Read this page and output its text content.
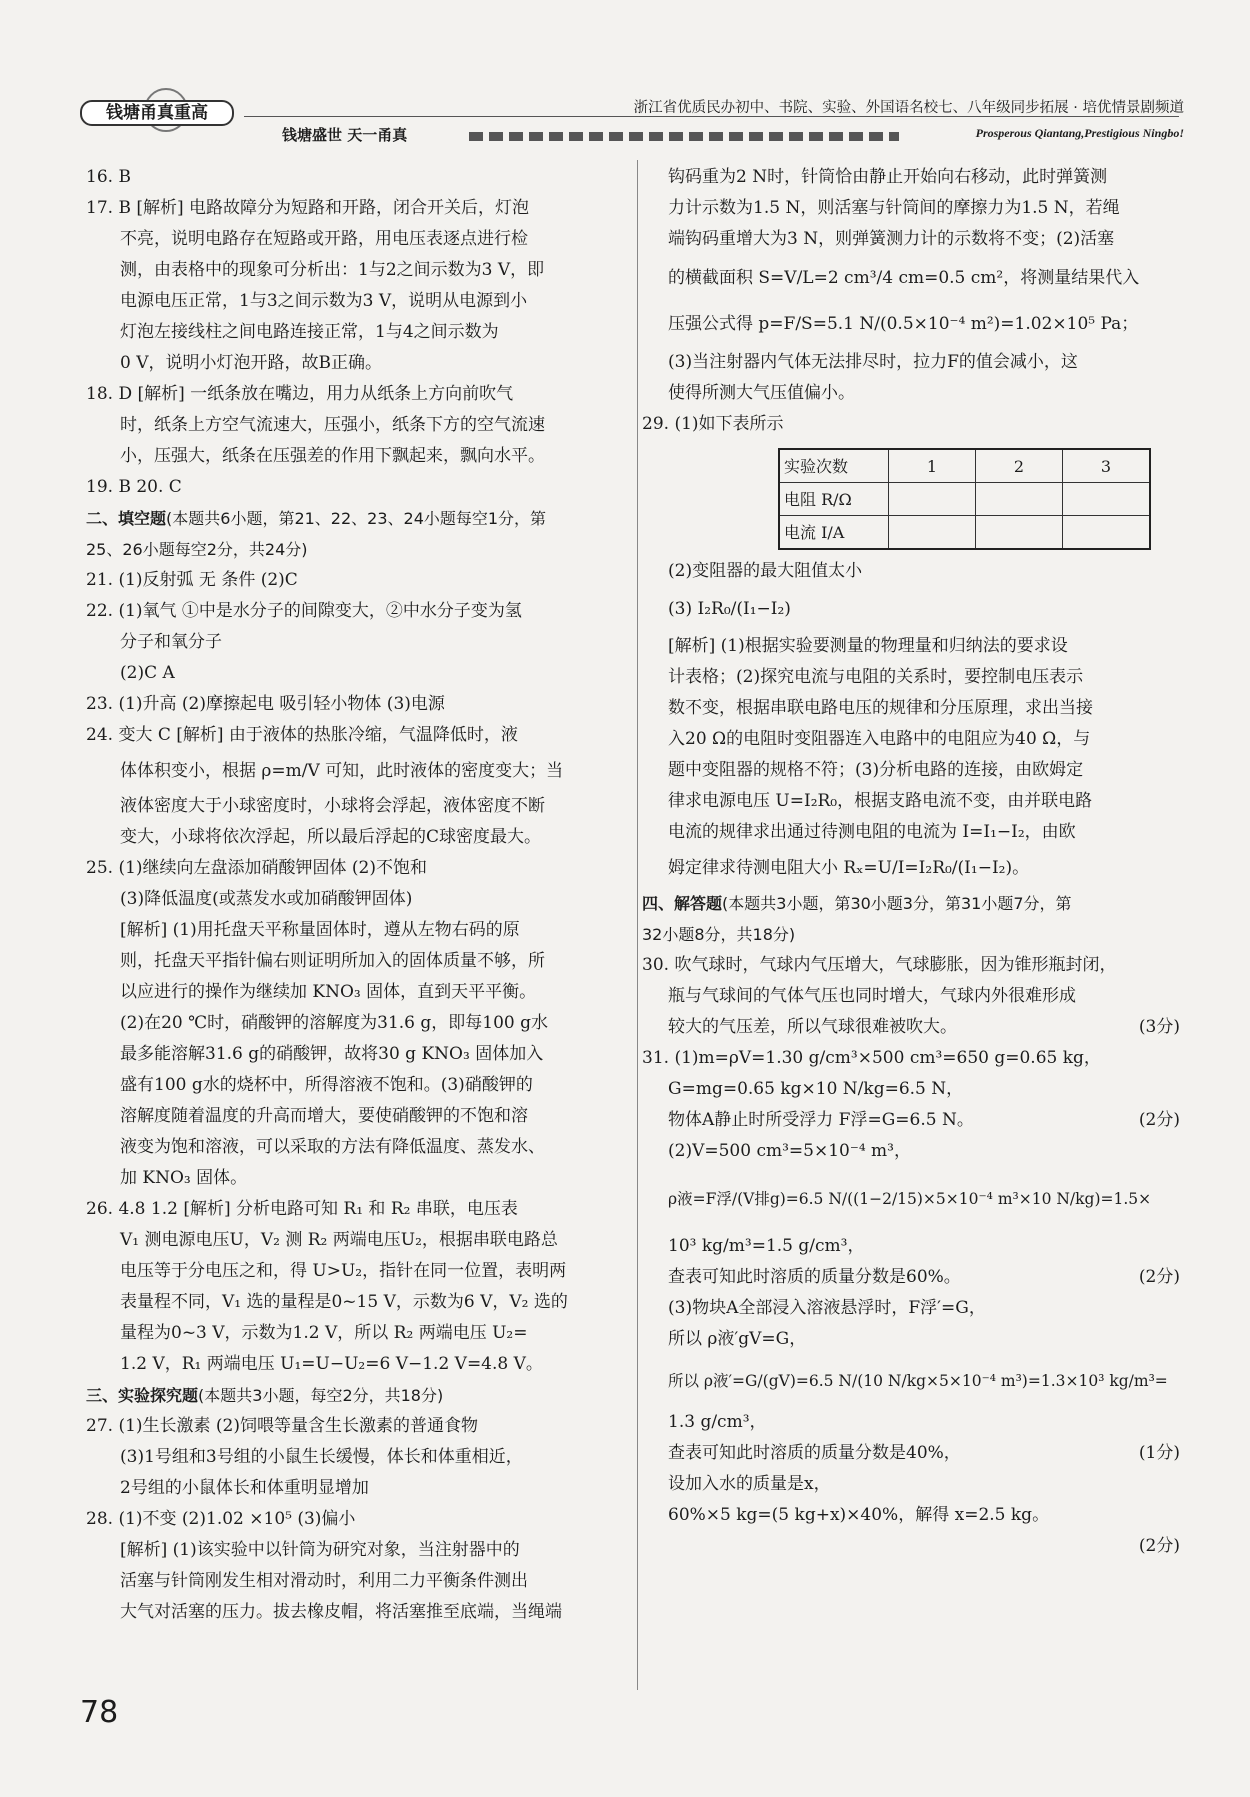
钱塘甬真重高
钱塘盛世 天一甬真
浙江省优质民办初中、书院、实验、外国语名校七、八年级同步拓展 · 培优情景剧频道
Prosperous Qiantang,Prestigious Ningbo!

16. B

17. B [解析] 电路故障分为短路和开路，闭合开关后，灯泡

不亮，说明电路存在短路或开路，用电压表逐点进行检

测，由表格中的现象可分析出：1与2之间示数为3 V，即

电源电压正常，1与3之间示数为3 V，说明从电源到小

灯泡左接线柱之间电路连接正常，1与4之间示数为

0 V，说明小灯泡开路，故B正确。

18. D [解析] 一纸条放在嘴边，用力从纸条上方向前吹气

时，纸条上方空气流速大，压强小，纸条下方的空气流速

小，压强大，纸条在压强差的作用下飘起来，飘向水平。

19. B 20. C

二、填空题(本题共6小题，第21、22、23、24小题每空1分，第

25、26小题每空2分，共24分)

21. (1)反射弧 无 条件 (2)C

22. (1)氧气 ①中是水分子的间隙变大，②中水分子变为氢

分子和氧分子

(2)C A

23. (1)升高 (2)摩擦起电 吸引轻小物体 (3)电源

24. 变大 C [解析] 由于液体的热胀冷缩，气温降低时，液

体体积变小，根据 ρ=m/V 可知，此时液体的密度变大；当

液体密度大于小球密度时，小球将会浮起，液体密度不断

变大，小球将依次浮起，所以最后浮起的C球密度最大。

25. (1)继续向左盘添加硝酸钾固体 (2)不饱和

(3)降低温度(或蒸发水或加硝酸钾固体)

[解析] (1)用托盘天平称量固体时，遵从左物右码的原

则，托盘天平指针偏右则证明所加入的固体质量不够，所

以应进行的操作为继续加 KNO₃ 固体，直到天平平衡。

(2)在20 ℃时，硝酸钾的溶解度为31.6 g，即每100 g水

最多能溶解31.6 g的硝酸钾，故将30 g KNO₃ 固体加入

盛有100 g水的烧杯中，所得溶液不饱和。(3)硝酸钾的

溶解度随着温度的升高而增大，要使硝酸钾的不饱和溶

液变为饱和溶液，可以采取的方法有降低温度、蒸发水、

加 KNO₃ 固体。

26. 4.8 1.2 [解析] 分析电路可知 R₁ 和 R₂ 串联，电压表

V₁ 测电源电压U，V₂ 测 R₂ 两端电压U₂，根据串联电路总

电压等于分电压之和，得 U>U₂，指针在同一位置，表明两

表量程不同，V₁ 选的量程是0~15 V，示数为6 V，V₂ 选的

量程为0~3 V，示数为1.2 V，所以 R₂ 两端电压 U₂=

1.2 V，R₁ 两端电压 U₁=U−U₂=6 V−1.2 V=4.8 V。

三、实验探究题(本题共3小题，每空2分，共18分)

27. (1)生长激素 (2)饲喂等量含生长激素的普通食物

(3)1号组和3号组的小鼠生长缓慢，体长和体重相近，

2号组的小鼠体长和体重明显增加

28. (1)不变 (2)1.02 ×10⁵ (3)偏小

[解析] (1)该实验中以针筒为研究对象，当注射器中的

活塞与针筒刚发生相对滑动时，利用二力平衡条件测出

大气对活塞的压力。拔去橡皮帽，将活塞推至底端，当绳端

钩码重为2 N时，针筒恰由静止开始向右移动，此时弹簧测

力计示数为1.5 N，则活塞与针筒间的摩擦力为1.5 N，若绳

端钩码重增大为3 N，则弹簧测力计的示数将不变；(2)活塞

的横截面积 S=V/L=2 cm³/4 cm=0.5 cm²，将测量结果代入

压强公式得 p=F/S=5.1 N/(0.5×10⁻⁴ m²)=1.02×10⁵ Pa；

(3)当注射器内气体无法排尽时，拉力F的值会减小，这

使得所测大气压值偏小。

29. (1)如下表所示

实验次数	1	2	3
电阻 R/Ω			
电流 I/A			

(2)变阻器的最大阻值太小

(3) I₂R₀/(I₁−I₂)

[解析] (1)根据实验要测量的物理量和归纳法的要求设

计表格；(2)探究电流与电阻的关系时，要控制电压表示

数不变，根据串联电路电压的规律和分压原理，求出当接

入20 Ω的电阻时变阻器连入电路中的电阻应为40 Ω，与

题中变阻器的规格不符；(3)分析电路的连接，由欧姆定

律求电源电压 U=I₂R₀，根据支路电流不变，由并联电路

电流的规律求出通过待测电阻的电流为 I=I₁−I₂，由欧

姆定律求待测电阻大小 Rₓ=U/I=I₂R₀/(I₁−I₂)。

四、解答题(本题共3小题，第30小题3分，第31小题7分，第

32小题8分，共18分)

30. 吹气球时，气球内气压增大，气球膨胀，因为锥形瓶封闭，

瓶与气球间的气体气压也同时增大，气球内外很难形成

较大的气压差，所以气球很难被吹大。	(3分)

31. (1)m=ρV=1.30 g/cm³×500 cm³=650 g=0.65 kg，

G=mg=0.65 kg×10 N/kg=6.5 N，

物体A静止时所受浮力 F浮=G=6.5 N。	(2分)

(2)V=500 cm³=5×10⁻⁴ m³，

ρ液=F浮/(V排g)=6.5 N/((1−2/15)×5×10⁻⁴ m³×10 N/kg)=1.5×

10³ kg/m³=1.5 g/cm³，

查表可知此时溶质的质量分数是60%。	(2分)

(3)物块A全部浸入溶液悬浮时，F浮′=G，

所以 ρ液′gV=G，

所以 ρ液′=G/(gV)=6.5 N/(10 N/kg×5×10⁻⁴ m³)=1.3×10³ kg/m³=

1.3 g/cm³，

查表可知此时溶质的质量分数是40%，	(1分)

设加入水的质量是x，

60%×5 kg=(5 kg+x)×40%，解得 x=2.5 kg。

(2分)

78
